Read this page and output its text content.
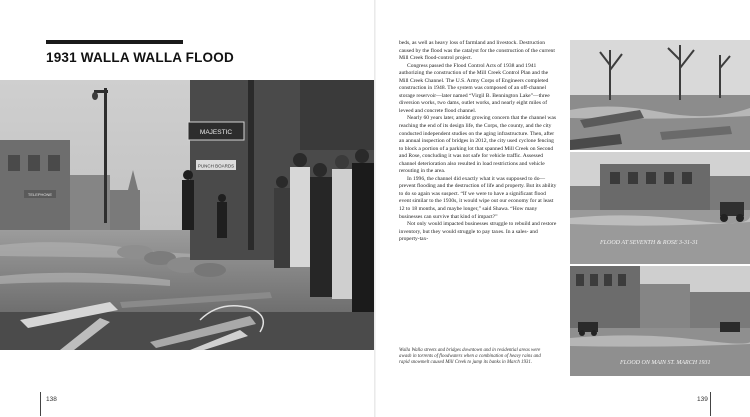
1931 WALLA WALLA FLOOD
MAJESTIC
PUNCH BOARDS
TELEPHONE
138

beds, as well as heavy loss of farmland and livestock. Destruction caused by the flood was the catalyst for the construction of the current Mill Creek flood-control project.

Congress passed the Flood Control Acts of 1938 and 1941 authorizing the construction of the Mill Creek Control Plan and the Mill Creek Channel. The U.S. Army Corps of Engineers completed construction in 1948. The system was composed of an off-channel storage reservoir—later named “Virgil B. Bennington Lake”—three diversion works, two dams, outlet works, and nearly eight miles of leveed and concrete flood channel.

Nearly 60 years later, amidst growing concern that the channel was reaching the end of its design life, the Corps, the county, and the city conducted independent studies on the aging infrastructure. Then, after an annual inspection of bridges in 2012, the city used cyclone fencing to block a portion of a parking lot that spanned Mill Creek on Second and Rose, concluding it was not safe for vehicle traffic. Assessed channel deterioration also resulted in load restrictions and vehicle rerouting in the area.

In 1996, the channel did exactly what it was supposed to do—prevent flooding and the destruction of life and property. But its ability to do so again was suspect. “If we were to have a significant flood event similar to the 1930s, it would wipe out our economy for at least 12 to 18 months, and maybe longer,” said Shawa. “How many businesses can survive that kind of impact?”

Not only would impacted businesses struggle to rebuild and restore inventory, but they would struggle to pay taxes. In a sales- and property-tax-

Walla Walla streets and bridges downtown and in residential areas were awash in torrents of floodwaters when a combination of heavy rains and rapid snowmelt caused Mill Creek to jump its banks in March 1931.
FLOOD AT SEVENTH & ROSE 3-31-31
FLOOD ON MAIN ST. MARCH 1931
139
